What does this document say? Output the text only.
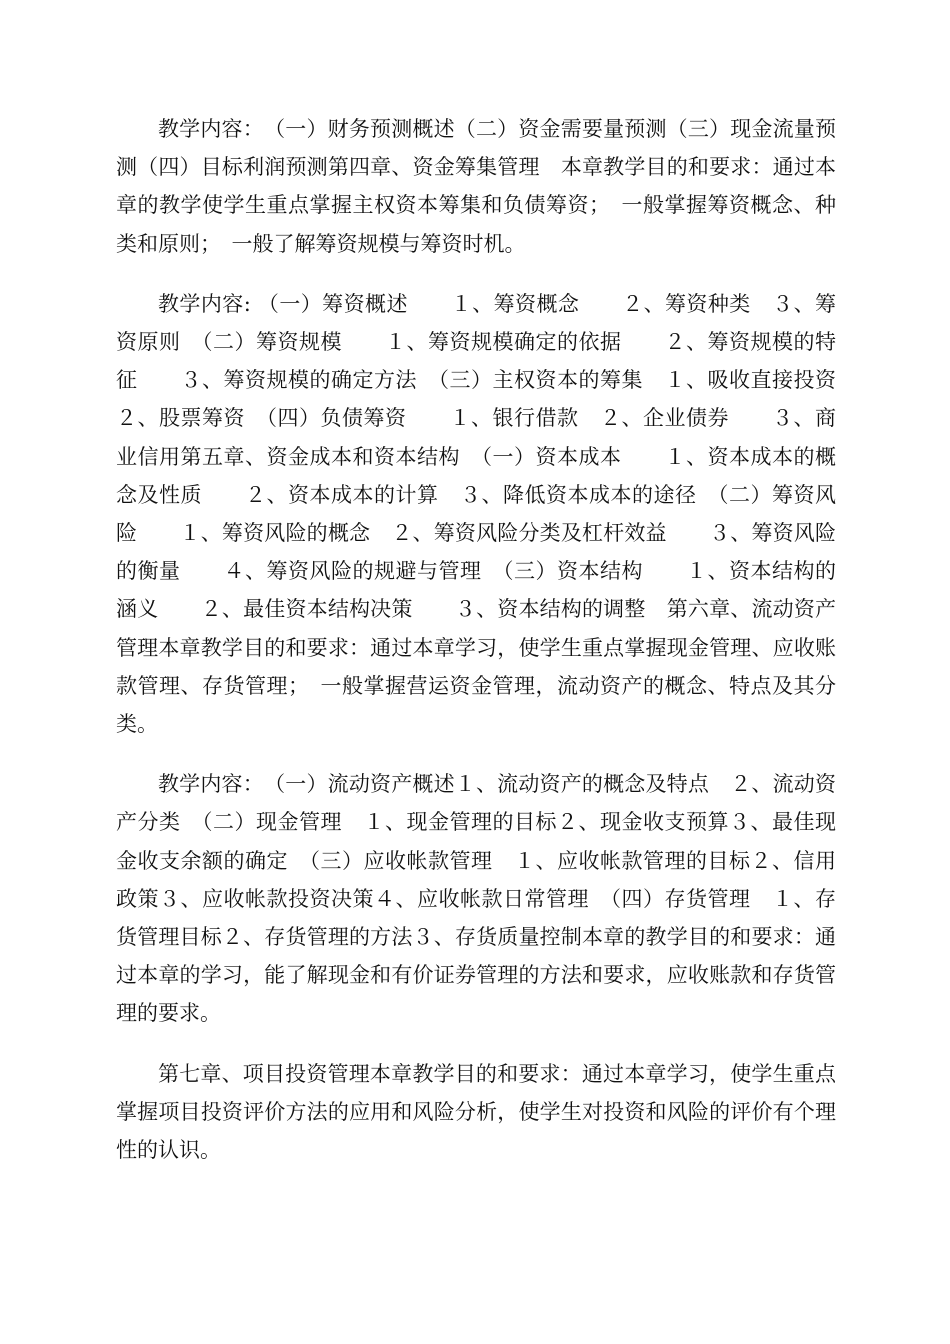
教学内容：　（一）财务预测概述（二）资金需要量预测（三）现金流量预测（四）目标利润预测第四章、资金筹集管理　本章教学目的和要求：通过本章的教学使学生重点掌握主权资本筹集和负债筹资；　一般掌握筹资概念、种类和原则；　一般了解筹资规模与筹资时机。

教学内容: （一）筹资概述　　１、筹资概念　　２、筹资种类　３、筹资原则　（二）筹资规模　　１、筹资规模确定的依据　　２、筹资规模的特征　　３、筹资规模的确定方法　（三）主权资本的筹集　１、吸收直接投资　　２、股票筹资　（四）负债筹资　　１、银行借款　２、企业债券　　３、商业信用第五章、资金成本和资本结构　（一）资本成本　　１、资本成本的概念及性质　　２、资本成本的计算　３、降低资本成本的途径　（二）筹资风险　　１、筹资风险的概念　２、筹资风险分类及杠杆效益　　３、筹资风险的衡量　　４、筹资风险的规避与管理　（三）资本结构　　１、资本结构的涵义　　２、最佳资本结构决策　　３、资本结构的调整　第六章、流动资产管理本章教学目的和要求：通过本章学习，使学生重点掌握现金管理、应收账款管理、存货管理；　一般掌握营运资金管理，流动资产的概念、特点及其分类。

教学内容：　（一）流动资产概述１、流动资产的概念及特点　２、流动资产分类　（二）现金管理　１、现金管理的目标２、现金收支预算３、最佳现金收支余额的确定　（三）应收帐款管理　１、应收帐款管理的目标２、信用政策３、应收帐款投资决策４、应收帐款日常管理　（四）存货管理　１、存货管理目标２、存货管理的方法３、存货质量控制本章的教学目的和要求：通过本章的学习，能了解现金和有价证券管理的方法和要求，应收账款和存货管理的要求。

第七章、项目投资管理本章教学目的和要求：通过本章学习，使学生重点掌握项目投资评价方法的应用和风险分析，使学生对投资和风险的评价有个理性的认识。
